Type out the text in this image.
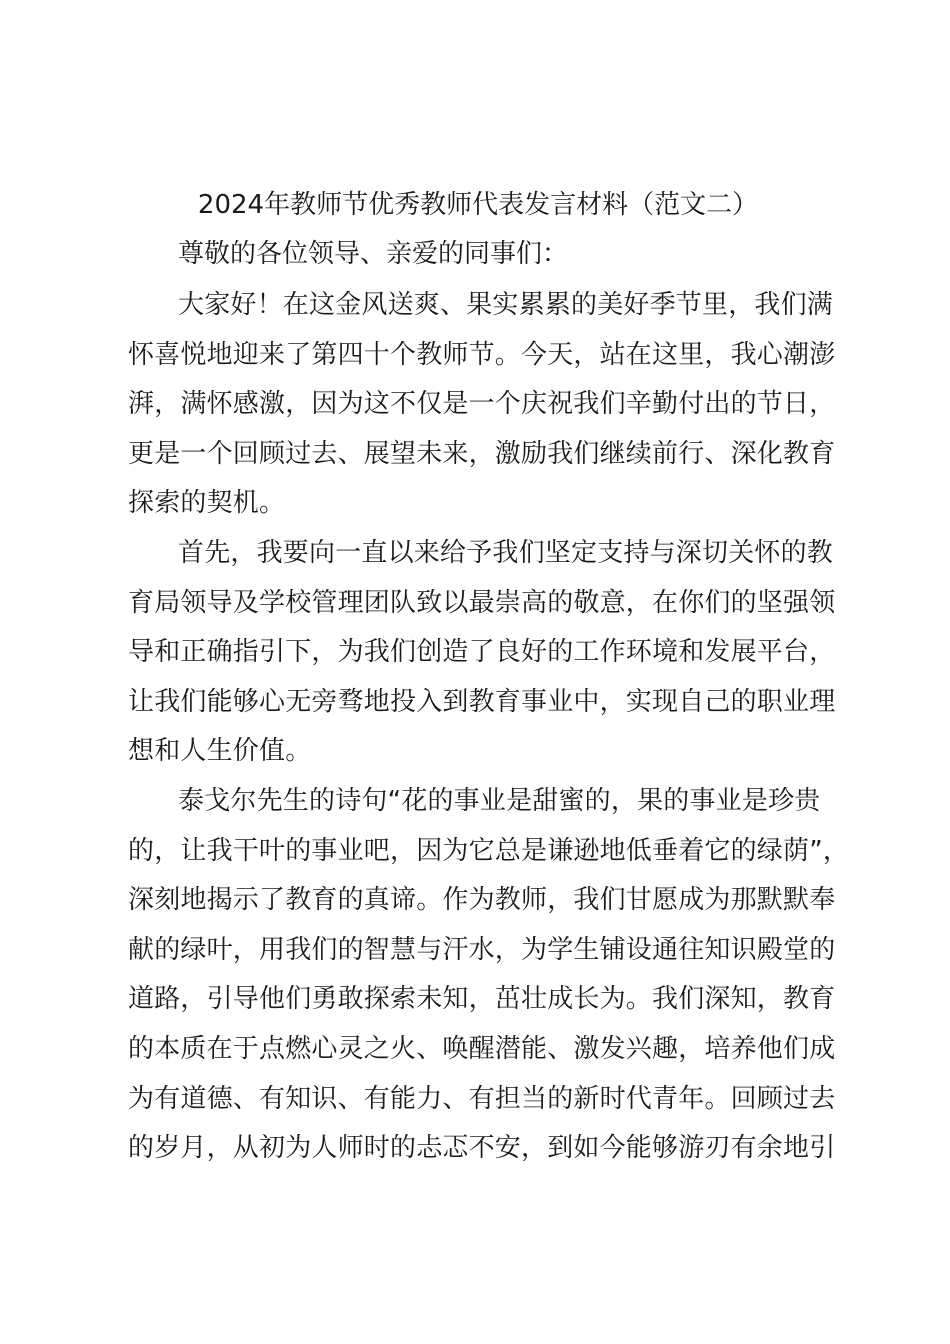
2024年教师节优秀教师代表发言材料（范文二）
尊敬的各位领导、亲爱的同事们：
大家好！在这金风送爽、果实累累的美好季节里，我们满
怀喜悦地迎来了第四十个教师节。今天，站在这里，我心潮澎
湃，满怀感激，因为这不仅是一个庆祝我们辛勤付出的节日，
更是一个回顾过去、展望未来，激励我们继续前行、深化教育
探索的契机。
首先，我要向一直以来给予我们坚定支持与深切关怀的教
育局领导及学校管理团队致以最崇高的敬意，在你们的坚强领
导和正确指引下，为我们创造了良好的工作环境和发展平台，
让我们能够心无旁骛地投入到教育事业中，实现自己的职业理
想和人生价值。
泰戈尔先生的诗句“花的事业是甜蜜的，果的事业是珍贵
的，让我干叶的事业吧，因为它总是谦逊地低垂着它的绿荫”，
深刻地揭示了教育的真谛。作为教师，我们甘愿成为那默默奉
献的绿叶，用我们的智慧与汗水，为学生铺设通往知识殿堂的
道路，引导他们勇敢探索未知，茁壮成长为。我们深知，教育
的本质在于点燃心灵之火、唤醒潜能、激发兴趣，培养他们成
为有道德、有知识、有能力、有担当的新时代青年。回顾过去
的岁月，从初为人师时的忐忑不安，到如今能够游刃有余地引
